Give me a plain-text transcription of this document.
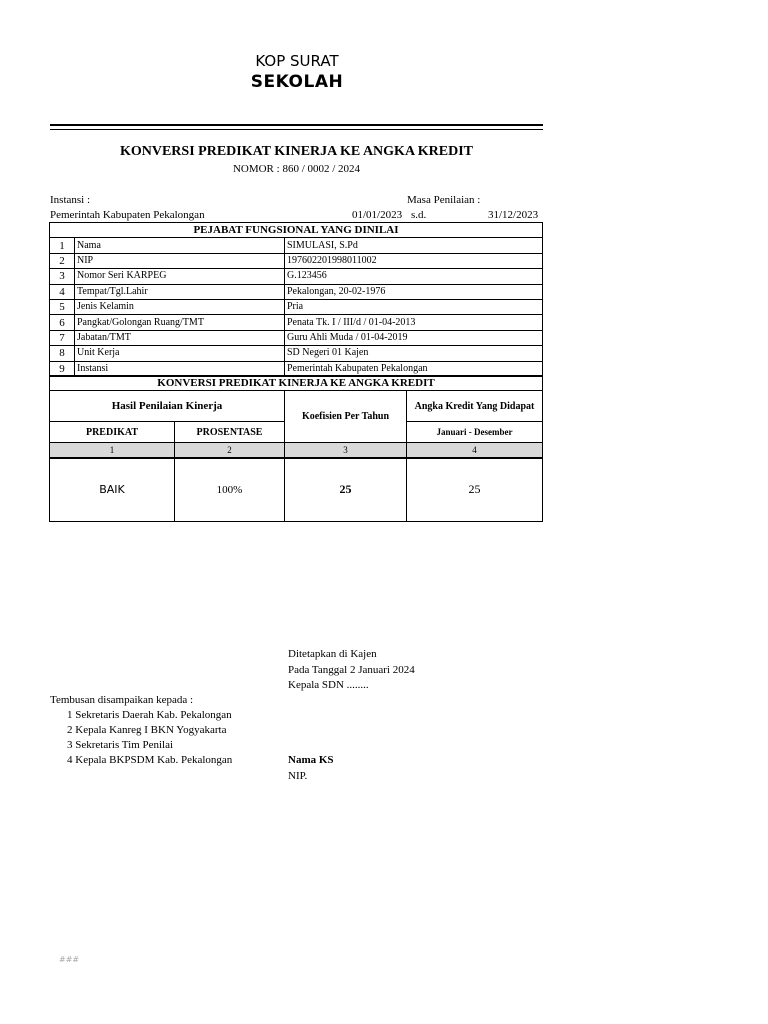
KOP SURAT
SEKOLAH
KONVERSI PREDIKAT KINERJA KE ANGKA KREDIT
NOMOR : 860 / 0002 / 2024
Instansi :
Pemerintah Kabupaten Pekalongan
Masa Penilaian :
01/01/2023 s.d.	31/12/2023
PEJABAT FUNGSIONAL YANG DINILAI		
1	Nama	SIMULASI, S.Pd
2	NIP	197602201998011002
3	Nomor Seri KARPEG	G.123456
4	Tempat/Tgl.Lahir	Pekalongan, 20-02-1976
5	Jenis Kelamin	Pria
6	Pangkat/Golongan Ruang/TMT	Penata Tk. I / III/d / 01-04-2013
7	Jabatan/TMT	Guru Ahli Muda / 01-04-2019
8	Unit Kerja	SD Negeri 01 Kajen
9	Instansi	Pemerintah Kabupaten Pekalongan
KONVERSI PREDIKAT KINERJA KE ANGKA KREDIT			
Hasil Penilaian Kinerja		Koefisien Per Tahun	Angka Kredit Yang Didapat
PREDIKAT	PROSENTASE		Januari - Desember
1	2	3	4
BAIK	100%	25	25
Ditetapkan di Kajen
Pada Tanggal 2 Januari 2024
Kepala SDN ........
Nama KS
NIP.
Tembusan disampaikan kepada :
1 Sekretaris Daerah Kab. Pekalongan
2 Kepala Kanreg I BKN Yogyakarta
3 Sekretaris Tim Penilai
4 Kepala BKPSDM Kab. Pekalongan
###
